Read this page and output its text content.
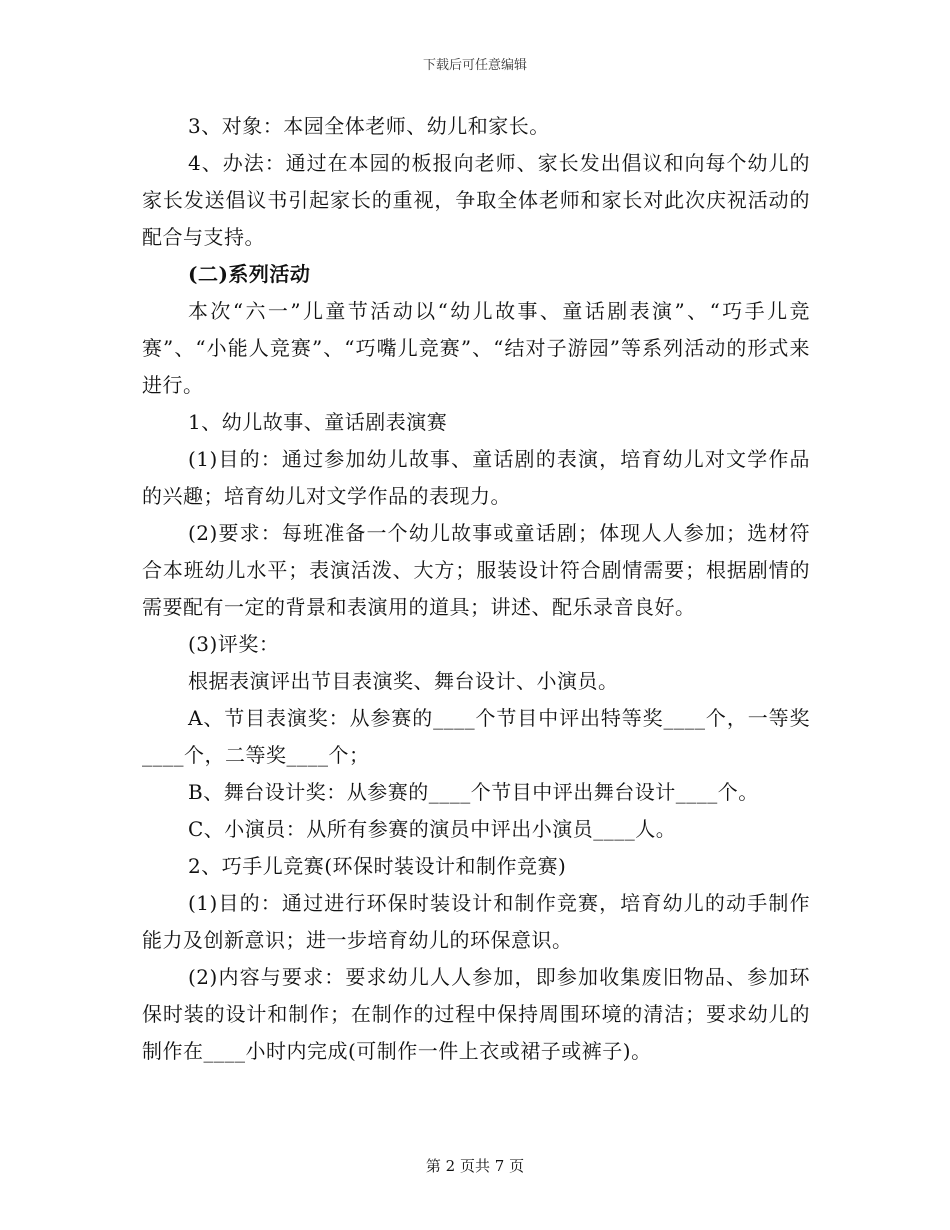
下载后可任意编辑

3、对象：本园全体老师、幼儿和家长。

4、办法：通过在本园的板报向老师、家长发出倡议和向每个幼儿的家长发送倡议书引起家长的重视，争取全体老师和家长对此次庆祝活动的配合与支持。

(二)系列活动

本次“六一”儿童节活动以“幼儿故事、童话剧表演”、“巧手儿竞赛”、“小能人竞赛”、“巧嘴儿竞赛”、“结对子游园”等系列活动的形式来进行。

1、幼儿故事、童话剧表演赛

(1)目的：通过参加幼儿故事、童话剧的表演，培育幼儿对文学作品的兴趣；培育幼儿对文学作品的表现力。

(2)要求：每班准备一个幼儿故事或童话剧；体现人人参加；选材符合本班幼儿水平；表演活泼、大方；服装设计符合剧情需要；根据剧情的需要配有一定的背景和表演用的道具；讲述、配乐录音良好。

(3)评奖：

根据表演评出节目表演奖、舞台设计、小演员。

A、节目表演奖：从参赛的____个节目中评出特等奖____个，一等奖____个，二等奖____个；

B、舞台设计奖：从参赛的____个节目中评出舞台设计____个。

C、小演员：从所有参赛的演员中评出小演员____人。

2、巧手儿竞赛(环保时装设计和制作竞赛)

(1)目的：通过进行环保时装设计和制作竞赛，培育幼儿的动手制作能力及创新意识；进一步培育幼儿的环保意识。

(2)内容与要求：要求幼儿人人参加，即参加收集废旧物品、参加环保时装的设计和制作；在制作的过程中保持周围环境的清洁；要求幼儿的制作在____小时内完成(可制作一件上衣或裙子或裤子)。

第 2 页共 7 页
